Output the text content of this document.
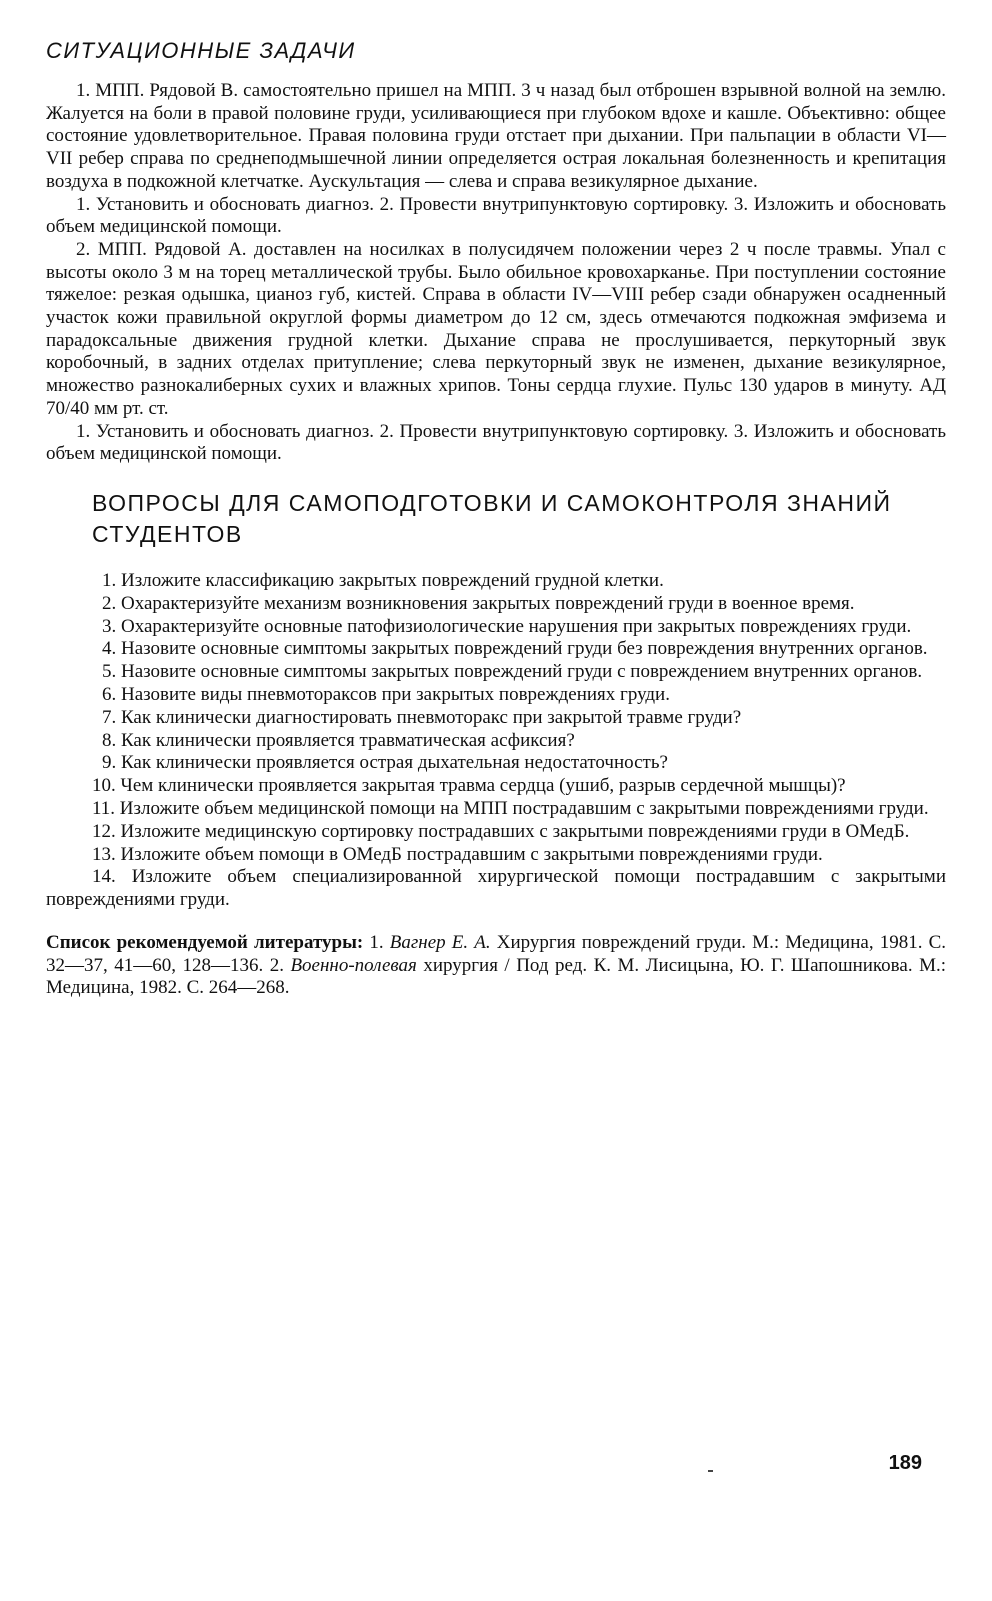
СИТУАЦИОННЫЕ ЗАДАЧИ

1. МПП. Рядовой В. самостоятельно пришел на МПП. 3 ч назад был отброшен взрывной волной на землю. Жалуется на боли в правой половине груди, усиливающиеся при глубоком вдохе и кашле. Объективно: общее состояние удовлетворительное. Правая половина груди отстает при дыхании. При пальпации в области VI—VII ребер справа по среднеподмышечной линии определяется острая локальная болезненность и крепитация воздуха в подкожной клетчатке. Аускультация — слева и справа везикулярное дыхание.

1. Установить и обосновать диагноз. 2. Провести внутрипунктовую сортировку. 3. Изложить и обосновать объем медицинской помощи.

2. МПП. Рядовой А. доставлен на носилках в полусидячем положении через 2 ч после травмы. Упал с высоты около 3 м на торец металлической трубы. Было обильное кровохарканье. При поступлении состояние тяжелое: резкая одышка, цианоз губ, кистей. Справа в области IV—VIII ребер сзади обнаружен осадненный участок кожи правильной округлой формы диаметром до 12 см, здесь отмечаются подкожная эмфизема и парадоксальные движения грудной клетки. Дыхание справа не прослушивается, перкуторный звук коробочный, в задних отделах притупление; слева перкуторный звук не изменен, дыхание везикулярное, множество разнокалиберных сухих и влажных хрипов. Тоны сердца глухие. Пульс 130 ударов в минуту. АД 70/40 мм рт. ст.

1. Установить и обосновать диагноз. 2. Провести внутрипунктовую сортировку. 3. Изложить и обосновать объем медицинской помощи.

ВОПРОСЫ ДЛЯ САМОПОДГОТОВКИ И САМОКОНТРОЛЯ ЗНАНИЙ СТУДЕНТОВ

1. Изложите классификацию закрытых повреждений грудной клетки.

2. Охарактеризуйте механизм возникновения закрытых повреждений груди в военное время.

3. Охарактеризуйте основные патофизиологические нарушения при закрытых повреждениях груди.

4. Назовите основные симптомы закрытых повреждений груди без повреждения внутренних органов.

5. Назовите основные симптомы закрытых повреждений груди с повреждением внутренних органов.

6. Назовите виды пневмотораксов при закрытых повреждениях груди.

7. Как клинически диагностировать пневмоторакс при закрытой травме груди?

8. Как клинически проявляется травматическая асфиксия?

9. Как клинически проявляется острая дыхательная недостаточность?

10. Чем клинически проявляется закрытая травма сердца (ушиб, разрыв сердечной мышцы)?

11. Изложите объем медицинской помощи на МПП пострадавшим с закрытыми повреждениями груди.

12. Изложите медицинскую сортировку пострадавших с закрытыми повреждениями груди в ОМедБ.

13. Изложите объем помощи в ОМедБ пострадавшим с закрытыми повреждениями груди.

14. Изложите объем специализированной хирургической помощи пострадавшим с закрытыми повреждениями груди.

Список рекомендуемой литературы: 1. Вагнер Е. А. Хирургия повреждений груди. М.: Медицина, 1981. С. 32—37, 41—60, 128—136. 2. Военно-полевая хирургия / Под ред. К. М. Лисицына, Ю. Г. Шапошникова. М.: Медицина, 1982. С. 264—268.

189
